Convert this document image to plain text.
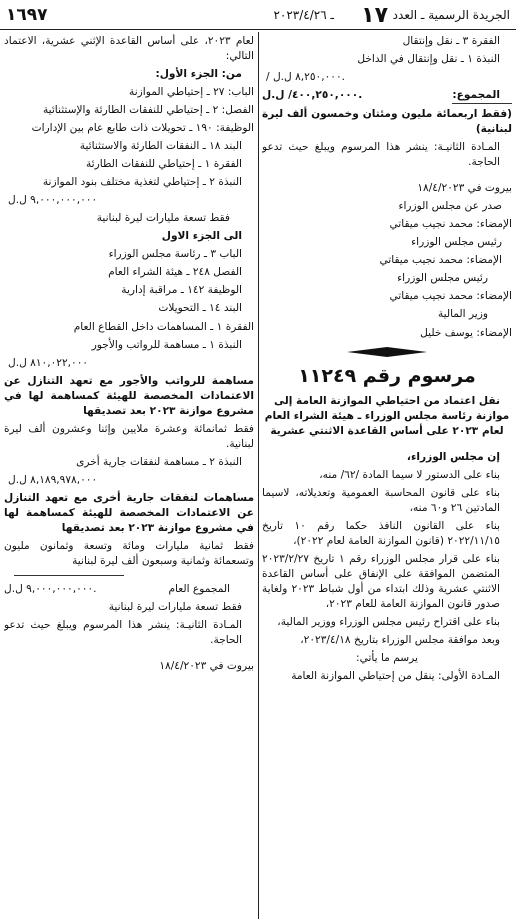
الجريدة الرسمية ـ العدد
١٧
ـ ٢٠٢٣/٤/٢٦
١٦٩٧

الفقرة ٣ ـ نقل وإنتقال

النبذة ١ ـ نقل وإنتقال في الداخل

/ ٨,٢٥٠,٠٠٠ ل.ل.

المجموع:
٤٠٠,٢٥٠,٠٠٠/ ل.ل.

(فقط اربعمائة مليون ومئتان وخمسون ألف ليرة لبنانية)

المـادة الثانيـة: ينشر هذا المرسوم ويبلغ حيث تدعو الحاجة.

بيروت في ١٨/٤/٢٠٢٣

صدر عن مجلس الوزراء

الإمضاء: محمد نجيب ميقاتي

رئيس مجلس الوزراء

الإمضاء: محمد نجيب ميقاتي

رئيس مجلس الوزراء

الإمضاء: محمد نجيب ميقاتي

وزير المالية

الإمضاء: يوسف خليل

مرسوم رقم ١١٢٤٩

نقل اعتماد من احتياطي الموازنة العامة إلى موازنة رئاسة مجلس الوزراء ـ هيئة الشراء العام لعام ٢٠٢٣ على أساس القاعدة الاثنتي عشرية

إن مجلس الوزراء،

بناء على الدستور لا سيما المادة /٦٢/ منه،

بناء على قانون المحاسبة العمومية وتعديلاته، لاسيما المادتين ٢٦ و٦٠ منه،

بناء على القانون النافذ حكما رقم ١٠ تاريخ ٢٠٢٢/١١/١٥ (قانون الموازنة العامة لعام ٢٠٢٢)،

بناء على قرار مجلس الوزراء رقم ١ تاريخ ٢٠٢٣/٢/٢٧ المتضمن الموافقة على الإنفاق على أساس القاعدة الاثنتي عشرية وذلك ابتداء من أول شباط ٢٠٢٣ ولغاية صدور قانون الموازنة العامة للعام ٢٠٢٣،

بناء على اقتراح رئيس مجلس الوزراء ووزير المالية،

وبعد موافقة مجلس الوزراء بتاريخ ٢٠٢٣/٤/١٨،

يرسم ما يأتي:

المـادة الأولى: ينقل من إحتياطي الموازنة العامة

لعام ٢٠٢٣، على أساس القاعدة الإثني عشرية، الاعتماد التالي:

من: الجزء الأول:

الباب: ٢٧ ـ إحتياطي الموازنة

الفصل: ٢ ـ إحتياطي للنفقات الطارئة والإستثنائية

الوظيفة: ١٩٠ ـ تحويلات ذات طابع عام بين الإدارات

البند ١٨ ـ النفقات الطارئة والاستثنائية

الفقرة ١ ـ إحتياطي للنفقات الطارئة

النبذة ٢ ـ إحتياطي لتغذية مختلف بنود الموازنة

٩,٠٠٠,٠٠٠,٠٠٠ ل.ل

فقط تسعة مليارات ليرة لبنانية

الى الجزء الاول

الباب ٣ ـ رئاسة مجلس الوزراء

الفصل ٢٤٨ ـ هيئة الشراء العام

الوظيفة ١٤٢ ـ مراقبة إدارية

البند ١٤ ـ التحويلات

الفقرة ١ ـ المساهمات داخل القطاع العام

النبذة ١ ـ مساهمة للرواتب والأجور

٨١٠,٠٢٢,٠٠٠ ل.ل

مساهمة للرواتب والأجور مع تعهد التنازل عن الاعتمادات المخصصة للهيئة كمساهمة لها في مشروع موازنة ٢٠٢٣ بعد تصديقها

فقط ثمانمائة وعشرة ملايين وإثنا وعشرون ألف ليرة لبنانية.

النبذة ٢ ـ مساهمة لنفقات جارية أخرى

٨,١٨٩,٩٧٨,٠٠٠ ل.ل

مساهمات لنفقات جارية أخرى مع تعهد التنازل عن الاعتمادات المخصصة للهيئة كمساهمة لها في مشروع موازنة ٢٠٢٣ بعد تصديقها

فقط ثمانية مليارات ومائة وتسعة وثمانون مليون وتسعمائة وثمانية وسبعون ألف ليرة لبنانية

المجموع العام
٩,٠٠٠,٠٠٠,٠٠٠ ل.ل.

فقط تسعة مليارات ليرة لبنانية

المـادة الثانيـة: ينشر هذا المرسوم ويبلغ حيث تدعو الحاجة.

بيروت في ١٨/٤/٢٠٢٣
